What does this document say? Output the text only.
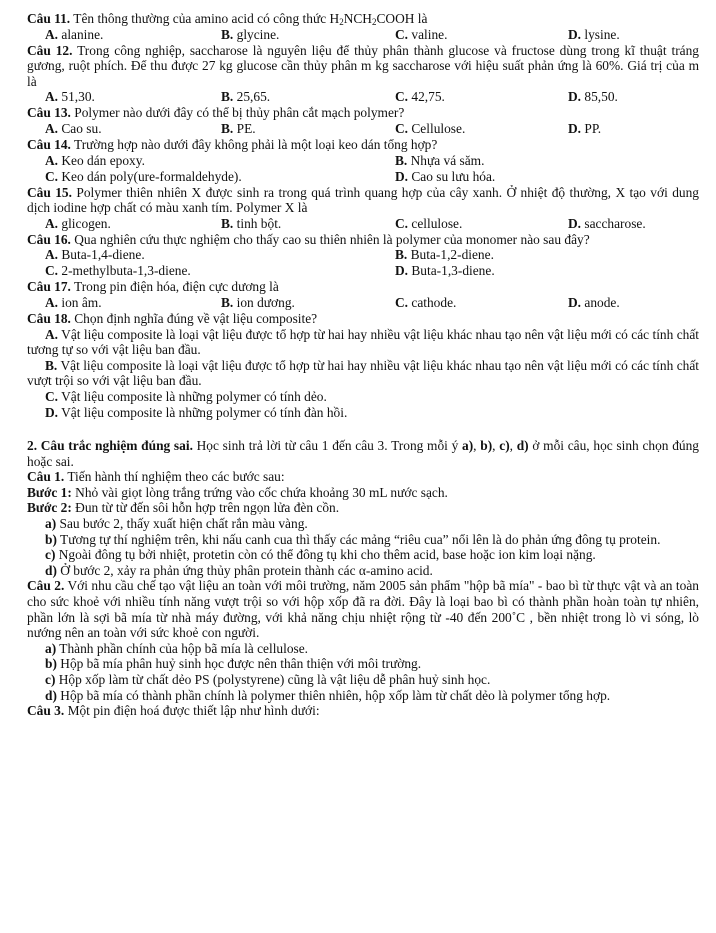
Câu 11. Tên thông thường của amino acid có công thức $H_2NCH_2COOH$ là

A. alanine.	B. glycine.	C. valine.	D. lysine.

Câu 12. Trong công nghiệp, saccharose là nguyên liệu để thủy phân thành glucose và fructose dùng trong kĩ thuật tráng gương, ruột phích. Để thu được 27 kg glucose cần thủy phân m kg saccharose với hiệu suất phản ứng là 60%. Giá trị của m là

A. 51,30.	B. 25,65.	C. 42,75.	D. 85,50.

Câu 13. Polymer nào dưới đây có thể bị thủy phân cắt mạch polymer?

A. Cao su.	B. PE.	C. Cellulose.	D. PP.

Câu 14. Trường hợp nào dưới đây không phải là một loại keo dán tổng hợp?

A. Keo dán epoxy.	B. Nhựa vá săm.
C. Keo dán poly(ure-formaldehyde).	D. Cao su lưu hóa.

Câu 15. Polymer thiên nhiên X được sinh ra trong quá trình quang hợp của cây xanh. Ở nhiệt độ thường, X tạo với dung dịch iodine hợp chất có màu xanh tím. Polymer X là

A. glicogen.	B. tinh bột.	C. cellulose.	D. saccharose.

Câu 16. Qua nghiên cứu thực nghiệm cho thấy cao su thiên nhiên là polymer của monomer nào sau đây?

A. Buta-1,4-diene.	B. Buta-1,2-diene.
C. 2-methylbuta-1,3-diene.	D. Buta-1,3-diene.

Câu 17. Trong pin điện hóa, điện cực dương là

A. ion âm.	B. ion dương.	C. cathode.	D. anode.

Câu 18. Chọn định nghĩa đúng về vật liệu composite?

A. Vật liệu composite là loại vật liệu được tổ hợp từ hai hay nhiều vật liệu khác nhau tạo nên vật liệu mới có các tính chất tương tự so với vật liệu ban đầu.

B. Vật liệu composite là loại vật liệu được tổ hợp từ hai hay nhiều vật liệu khác nhau tạo nên vật liệu mới có các tính chất vượt trội so với vật liệu ban đầu.

C. Vật liệu composite là những polymer có tính dẻo.

D. Vật liệu composite là những polymer có tính đàn hồi.

2. Câu trắc nghiệm đúng sai. Học sinh trả lời từ câu 1 đến câu 3. Trong mỗi ý a), b), c), d) ở mỗi câu, học sinh chọn đúng hoặc sai.

Câu 1. Tiến hành thí nghiệm theo các bước sau:

Bước 1: Nhỏ vài giọt lòng trắng trứng vào cốc chứa khoảng 30 mL nước sạch.

Bước 2: Đun từ từ đến sôi hỗn hợp trên ngọn lửa đèn cồn.

a) Sau bước 2, thấy xuất hiện chất rắn màu vàng.

b) Tương tự thí nghiệm trên, khi nấu canh cua thì thấy các mảng “riêu cua” nổi lên là do phản ứng đông tụ protein.

c) Ngoài đông tụ bởi nhiệt, protetin còn có thể đông tụ khi cho thêm acid, base hoặc ion kim loại nặng.

d) Ở bước 2, xảy ra phản ứng thủy phân protein thành các α-amino acid.

Câu 2. Với nhu cầu chế tạo vật liệu an toàn với môi trường, năm 2005 sản phẩm "hộp bã mía" - bao bì từ thực vật và an toàn cho sức khoẻ với nhiều tính năng vượt trội so với hộp xốp đã ra đời. Đây là loại bao bì có thành phần hoàn toàn tự nhiên, phần lớn là sợi bã mía từ nhà máy đường, với khả năng chịu nhiệt rộng từ -40 đến 200˚C , bền nhiệt trong lò vi sóng, lò nướng nên an toàn với sức khoẻ con người.

a) Thành phần chính của hộp bã mía là cellulose.

b) Hộp bã mía phân huỷ sinh học được nên thân thiện với môi trường.

c) Hộp xốp làm từ chất dẻo PS (polystyrene) cũng là vật liệu dễ phân huỷ sinh học.

d) Hộp bã mía có thành phần chính là polymer thiên nhiên, hộp xốp làm từ chất dẻo là polymer tổng hợp.

Câu 3. Một pin điện hoá được thiết lập như hình dưới:
